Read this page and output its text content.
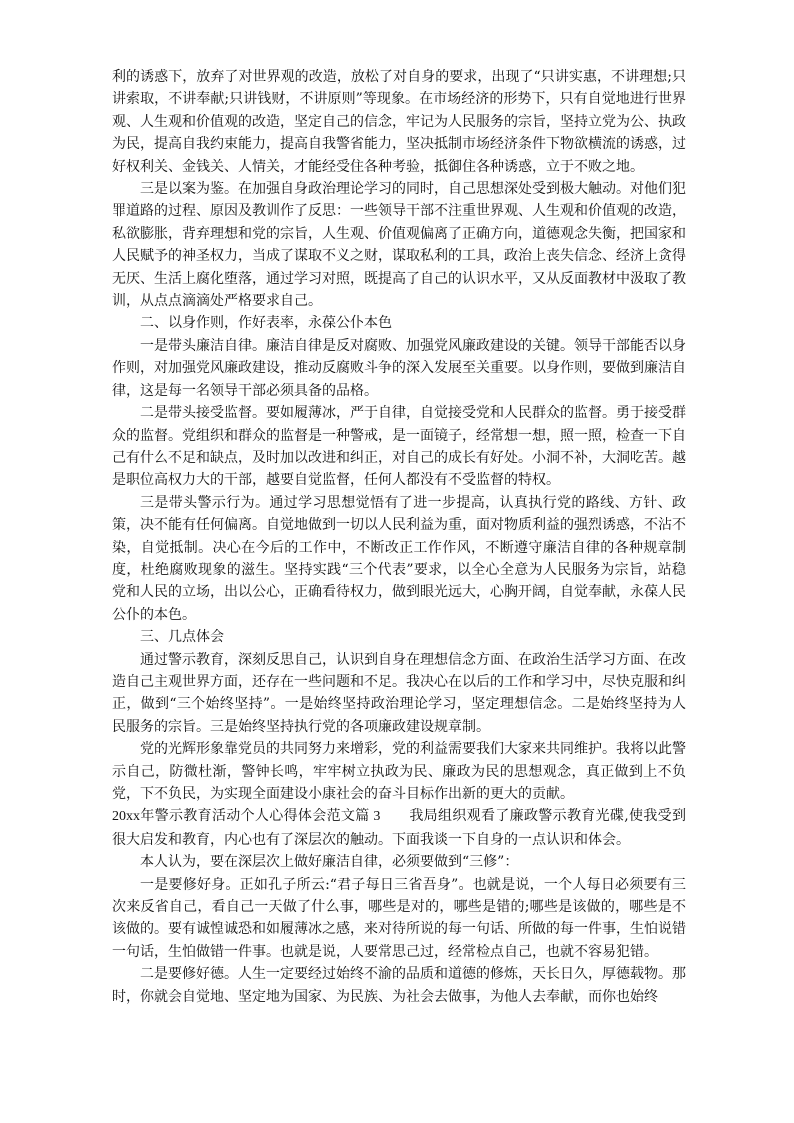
利的诱惑下，放弃了对世界观的改造，放松了对自身的要求，出现了“只讲实惠，不讲理想;只讲索取，不讲奉献;只讲钱财，不讲原则”等现象。在市场经济的形势下，只有自觉地进行世界观、人生观和价值观的改造，坚定自己的信念，牢记为人民服务的宗旨，坚持立党为公、执政为民，提高自我约束能力，提高自我警省能力，坚决抵制市场经济条件下物欲横流的诱惑，过好权利关、金钱关、人情关，才能经受住各种考验，抵御住各种诱惑，立于不败之地。

三是以案为鉴。在加强自身政治理论学习的同时，自己思想深处受到极大触动。对他们犯罪道路的过程、原因及教训作了反思：一些领导干部不注重世界观、人生观和价值观的改造，私欲膨胀，背弃理想和党的宗旨，人生观、价值观偏离了正确方向，道德观念失衡，把国家和人民赋予的神圣权力，当成了谋取不义之财，谋取私利的工具，政治上丧失信念、经济上贪得无厌、生活上腐化堕落，通过学习对照，既提高了自己的认识水平，又从反面教材中汲取了教训，从点点滴滴处严格要求自己。

二、以身作则，作好表率，永葆公仆本色

一是带头廉洁自律。廉洁自律是反对腐败、加强党风廉政建设的关键。领导干部能否以身作则，对加强党风廉政建设，推动反腐败斗争的深入发展至关重要。以身作则，要做到廉洁自律，这是每一名领导干部必须具备的品格。

二是带头接受监督。要如履薄冰，严于自律，自觉接受党和人民群众的监督。勇于接受群众的监督。党组织和群众的监督是一种警戒，是一面镜子，经常想一想，照一照，检查一下自己有什么不足和缺点，及时加以改进和纠正，对自己的成长有好处。小洞不补，大洞吃苦。越是职位高权力大的干部，越要自觉监督，任何人都没有不受监督的特权。

三是带头警示行为。通过学习思想觉悟有了进一步提高，认真执行党的路线、方针、政策，决不能有任何偏离。自觉地做到一切以人民利益为重，面对物质利益的强烈诱惑，不沾不染，自觉抵制。决心在今后的工作中，不断改正工作作风，不断遵守廉洁自律的各种规章制度，杜绝腐败现象的滋生。坚持实践“三个代表”要求，以全心全意为人民服务为宗旨，站稳党和人民的立场，出以公心，正确看待权力，做到眼光远大，心胸开阔，自觉奉献，永葆人民公仆的本色。

三、几点体会

通过警示教育，深刻反思自己，认识到自身在理想信念方面、在政治生活学习方面、在改造自己主观世界方面，还存在一些问题和不足。我决心在以后的工作和学习中，尽快克服和纠正，做到“三个始终坚持”。一是始终坚持政治理论学习，坚定理想信念。二是始终坚持为人民服务的宗旨。三是始终坚持执行党的各项廉政建设规章制。

党的光辉形象靠党员的共同努力来增彩，党的利益需要我们大家来共同维护。我将以此警示自己，防微杜渐，警钟长鸣，牢牢树立执政为民、廉政为民的思想观念，真正做到上不负党，下不负民，为实现全面建设小康社会的奋斗目标作出新的更大的贡献。

20xx年警示教育活动个人心得体会范文篇 3　　 我局组织观看了廉政警示教育光碟,使我受到很大启发和教育，内心也有了深层次的触动。下面我谈一下自身的一点认识和体会。

本人认为，要在深层次上做好廉洁自律，必须要做到“三修”：

一是要修好身。正如孔子所云:“君子每日三省吾身”。也就是说，一个人每日必须要有三次来反省自己，看自己一天做了什么事，哪些是对的，哪些是错的;哪些是该做的，哪些是不该做的。要有诚惶诚恐和如履薄冰之感，来对待所说的每一句话、所做的每一件事，生怕说错一句话，生怕做错一件事。也就是说，人要常思己过，经常检点自己，也就不容易犯错。

二是要修好德。人生一定要经过始终不渝的品质和道德的修炼，天长日久，厚德载物。那时，你就会自觉地、坚定地为国家、为民族、为社会去做事，为他人去奉献，而你也始终
